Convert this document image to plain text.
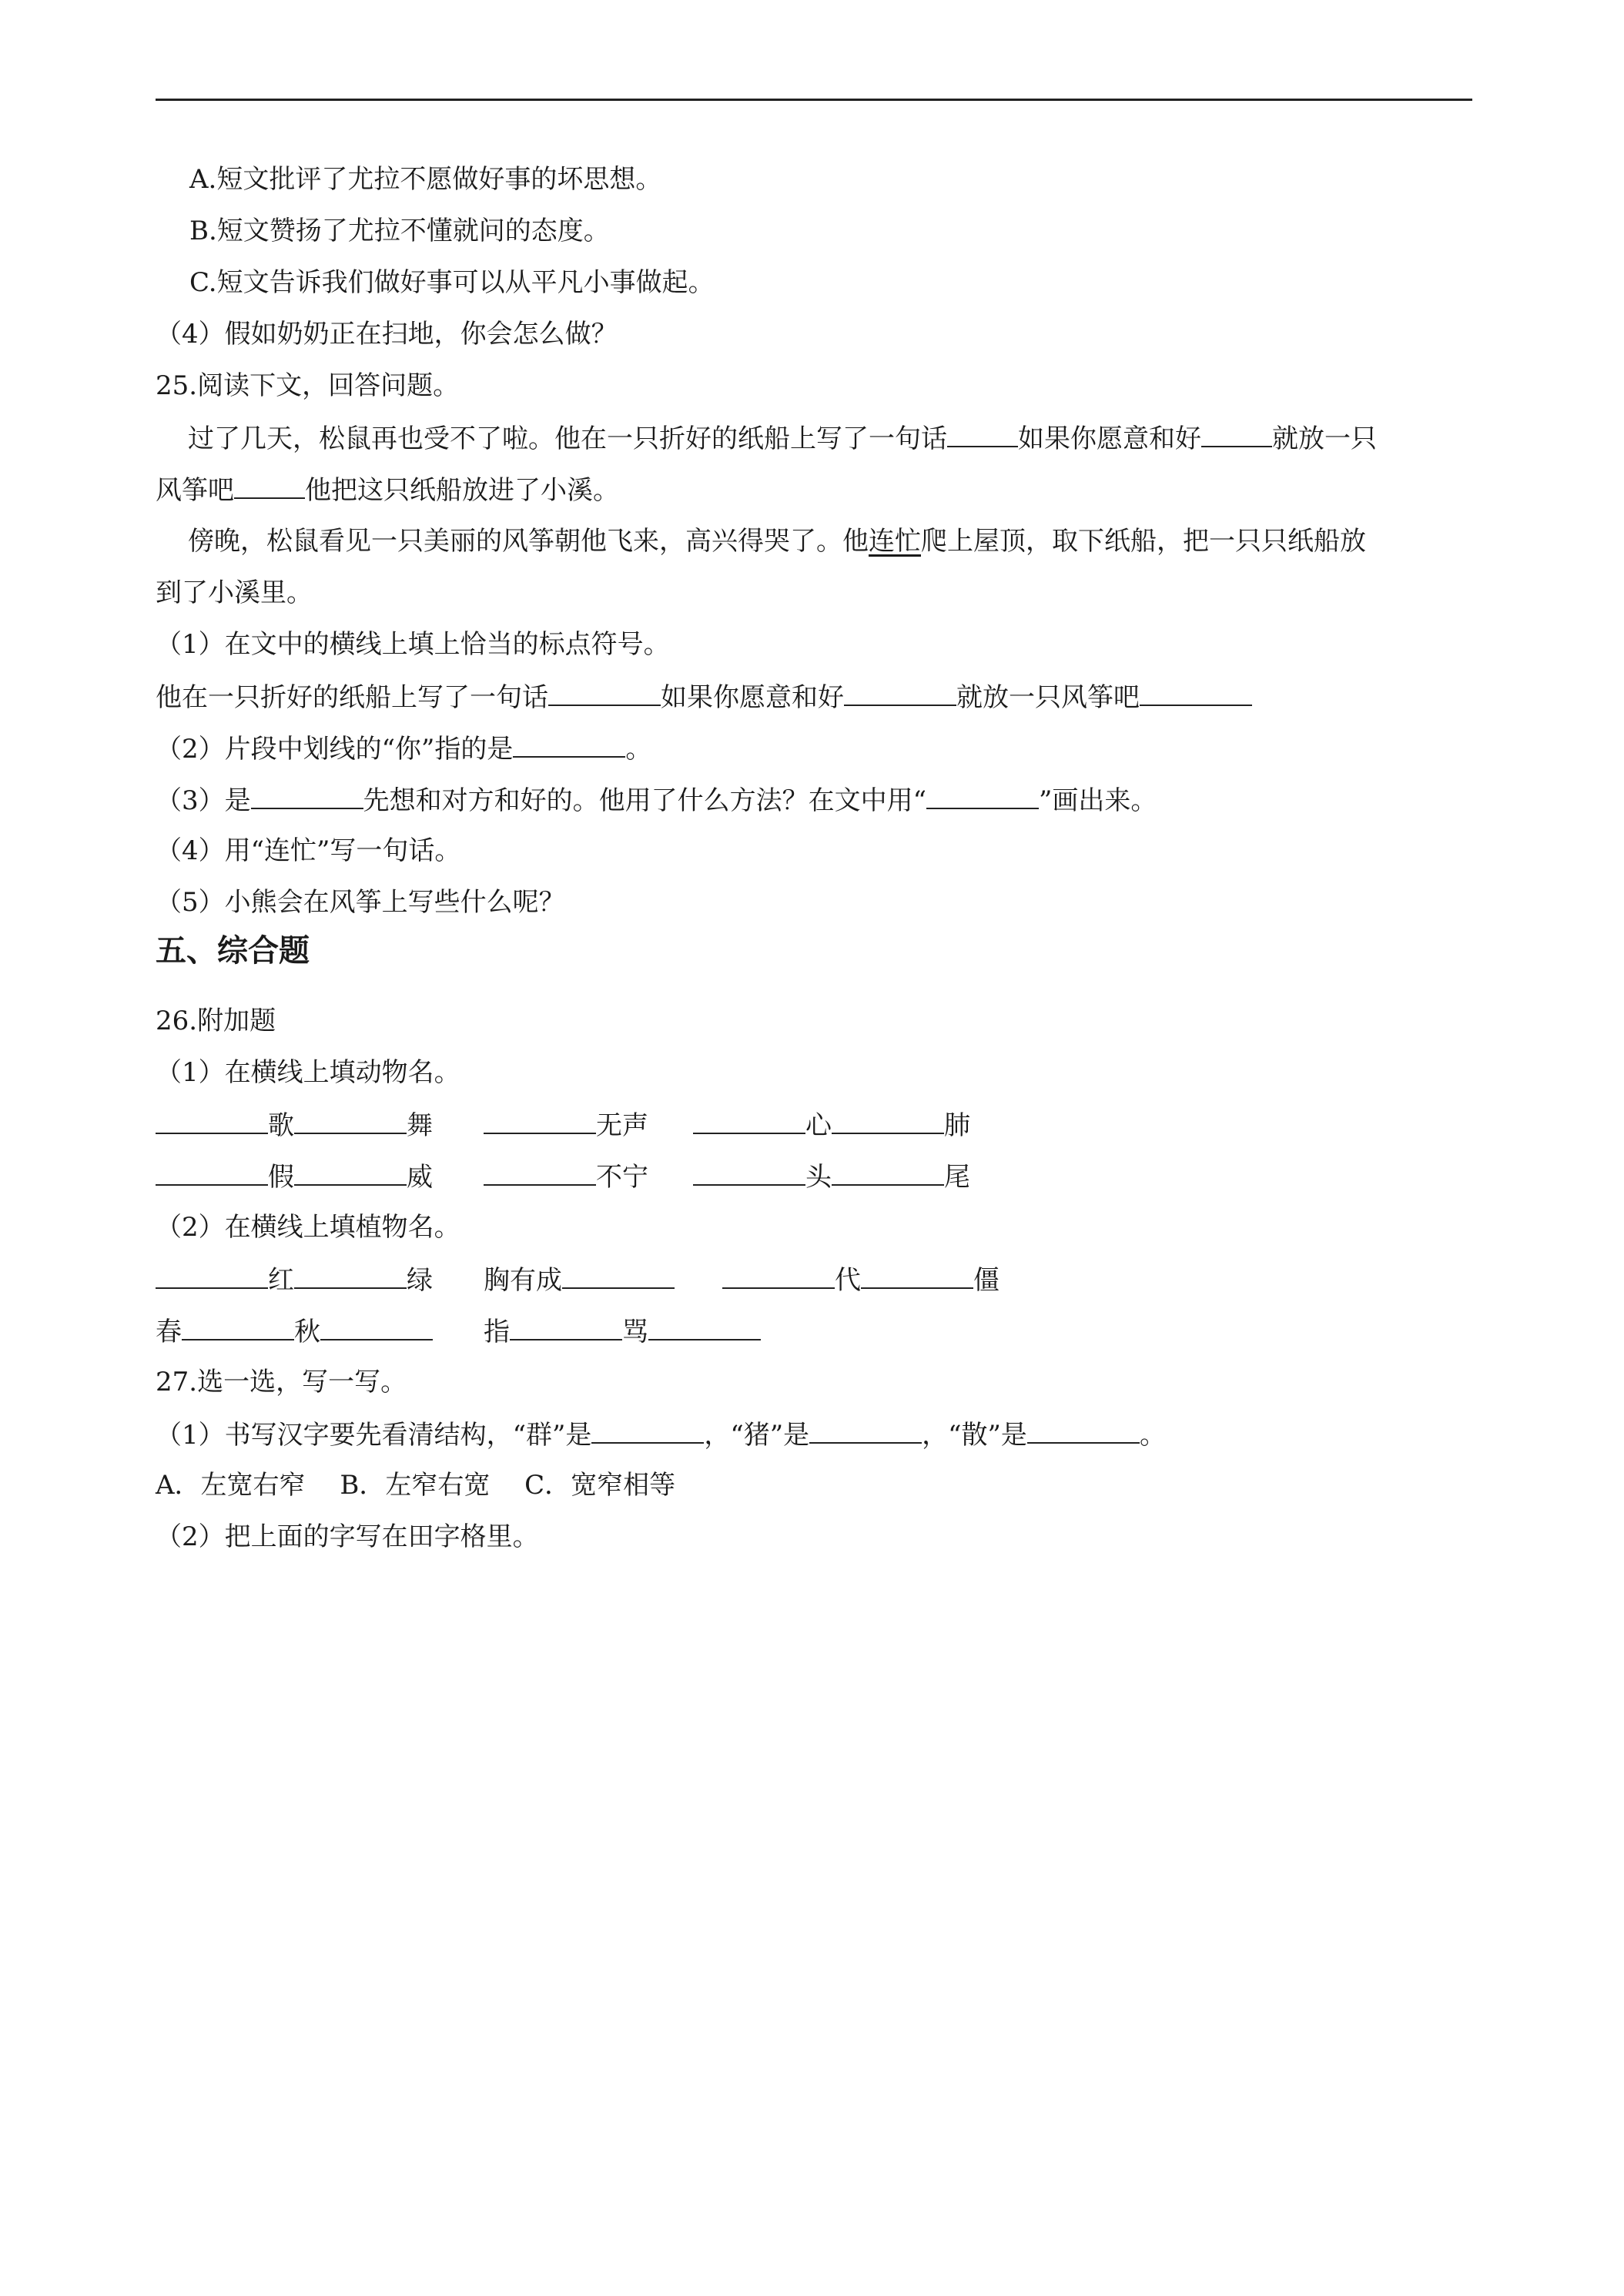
A.短文批评了尤拉不愿做好事的坏思想。
B.短文赞扬了尤拉不懂就问的态度。
C.短文告诉我们做好事可以从平凡小事做起。
（4）假如奶奶正在扫地，你会怎么做？
25.阅读下文，回答问题。
过了几天，松鼠再也受不了啦。他在一只折好的纸船上写了一句话	如果你愿意和好	就放一只
风筝吧	他把这只纸船放进了小溪。
傍晚，松鼠看见一只美丽的风筝朝他飞来，高兴得哭了。他连忙爬上屋顶，取下纸船，把一只只纸船放
到了小溪里。
（1）在文中的横线上填上恰当的标点符号。
他在一只折好的纸船上写了一句话	如果你愿意和好	就放一只风筝吧
（2）片段中划线的“你”指的是	。
（3）是	先想和对方和好的。他用了什么方法？在文中用“	”画出来。
（4）用“连忙”写一句话。
（5）小熊会在风筝上写些什么呢？
五、综合题
26.附加题
（1）在横线上填动物名。
歌	舞	无声	心	肺
假	威	不宁	头	尾
（2）在横线上填植物名。
红	绿 胸有成	代	僵
春	秋	指	骂
27.选一选，写一写。
（1）书写汉字要先看清结构，“群”是	，“猪”是	，“散”是	。
A．左宽右窄　 B．左窄右宽　 C．宽窄相等
（2）把上面的字写在田字格里。
